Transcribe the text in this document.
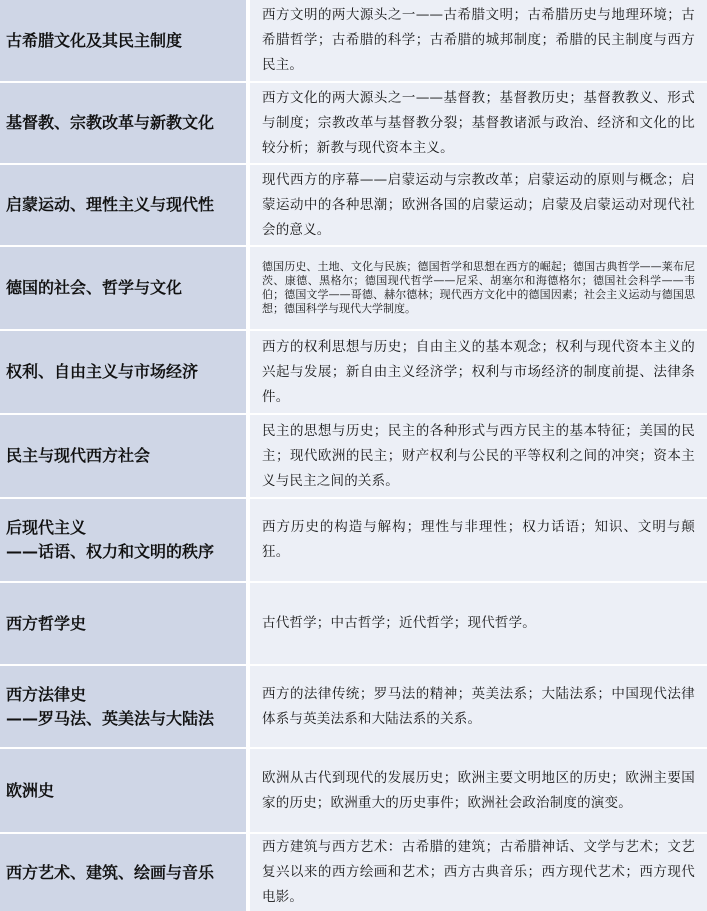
古希腊文化及其民主制度	西方文明的两大源头之一——古希腊文明；古希腊历史与地理环境；古希腊哲学；古希腊的科学；古希腊的城邦制度；希腊的民主制度与西方民主。

基督教、宗教改革与新教文化	西方文化的两大源头之一——基督教；基督教历史；基督教教义、形式与制度；宗教改革与基督教分裂；基督教诸派与政治、经济和文化的比较分析；新教与现代资本主义。

启蒙运动、理性主义与现代性	现代西方的序幕——启蒙运动与宗教改革；启蒙运动的原则与概念；启蒙运动中的各种思潮；欧洲各国的启蒙运动；启蒙及启蒙运动对现代社会的意义。

德国的社会、哲学与文化	德国历史、土地、文化与民族；德国哲学和思想在西方的崛起；德国古典哲学——莱布尼茨、康德、黑格尔；德国现代哲学——尼采、胡塞尔和海德格尔；德国社会科学——韦伯；德国文学——哥德、赫尔德林；现代西方文化中的德国因素；社会主义运动与德国思想；德国科学与现代大学制度。

权利、自由主义与市场经济	西方的权利思想与历史；自由主义的基本观念；权利与现代资本主义的兴起与发展；新自由主义经济学；权利与市场经济的制度前提、法律条件。

民主与现代西方社会	民主的思想与历史；民主的各种形式与西方民主的基本特征；美国的民主；现代欧洲的民主；财产权利与公民的平等权利之间的冲突；资本主义与民主之间的关系。

后现代主义
——话语、权力和文明的秩序	西方历史的构造与解构；理性与非理性；权力话语；知识、文明与颠狂。

西方哲学史	古代哲学；中古哲学；近代哲学；现代哲学。

西方法律史
——罗马法、英美法与大陆法	西方的法律传统；罗马法的精神；英美法系；大陆法系；中国现代法律体系与英美法系和大陆法系的关系。

欧洲史	欧洲从古代到现代的发展历史；欧洲主要文明地区的历史；欧洲主要国家的历史；欧洲重大的历史事件；欧洲社会政治制度的演变。

西方艺术、建筑、绘画与音乐	西方建筑与西方艺术：古希腊的建筑；古希腊神话、文学与艺术；文艺复兴以来的西方绘画和艺术；西方古典音乐；西方现代艺术；西方现代电影。
